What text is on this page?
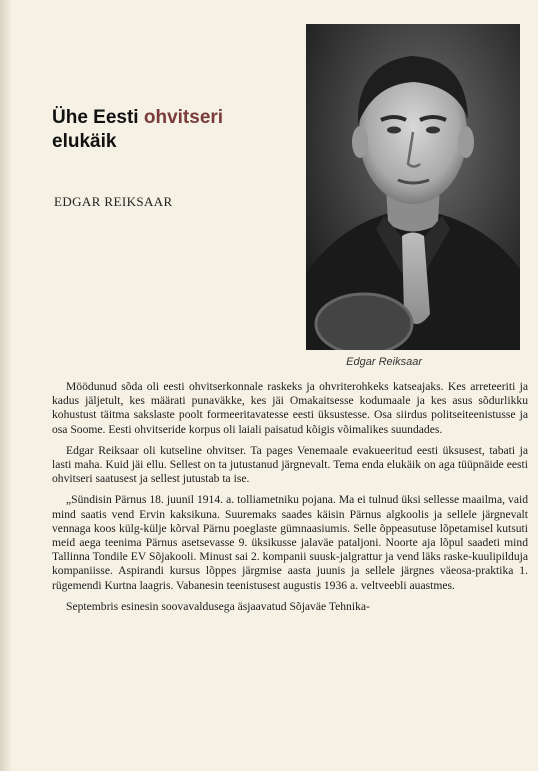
Ühe Eesti ohvitseri
elukäik
EDGAR REIKSAAR
Edgar Reiksaar

Möödunud sõda oli eesti ohvitserkonnale raskeks ja ohvriterohkeks katseajaks. Kes arreteeriti ja kadus jäljetult, kes määrati punaväkke, kes jäi Omakaitsesse kodumaale ja kes asus sõdurlikku kohustust täitma sakslaste poolt formeeritavatesse eesti üksustesse. Osa siirdus politseiteenistusse ja osa Soome. Eesti ohvitseride korpus oli laiali paisatud kõigis võimalikes suundades.

Edgar Reiksaar oli kutseline ohvitser. Ta pages Venemaale evakueeritud eesti üksusest, tabati ja lasti maha. Kuid jäi ellu. Sellest on ta jutustanud järgnevalt. Tema enda elukäik on aga tüüpnäide eesti ohvitseri saatusest ja sellest jutustab ta ise.

„Sündisin Pärnus 18. juunil 1914. a. tolliametniku pojana. Ma ei tulnud üksi sellesse maailma, vaid mind saatis vend Ervin kaksikuna. Suuremaks saades käisin Pärnus algkoolis ja sellele järgnevalt vennaga koos külg-külje kõrval Pärnu poeglaste gümnaasiumis. Selle õppeasutuse lõpetamisel kutsuti meid aega teenima Pärnus asetsevasse 9. üksikusse jalaväe pataljoni. Noorte aja lõpul saadeti mind Tallinna Tondile EV Sõjakooli. Minust sai 2. kompanii suusk-jalgrattur ja vend läks raske-kuulipilduja kompaniisse. Aspirandi kursus lõppes järgmise aasta juunis ja sellele järgnes väeosa-praktika 1. rügemendi Kurtna laagris. Vabanesin teenistusest augustis 1936 a. veltveebli auastmes.

Septembris esinesin soovavaldusega äsjaavatud Sõjaväe Tehnika-
